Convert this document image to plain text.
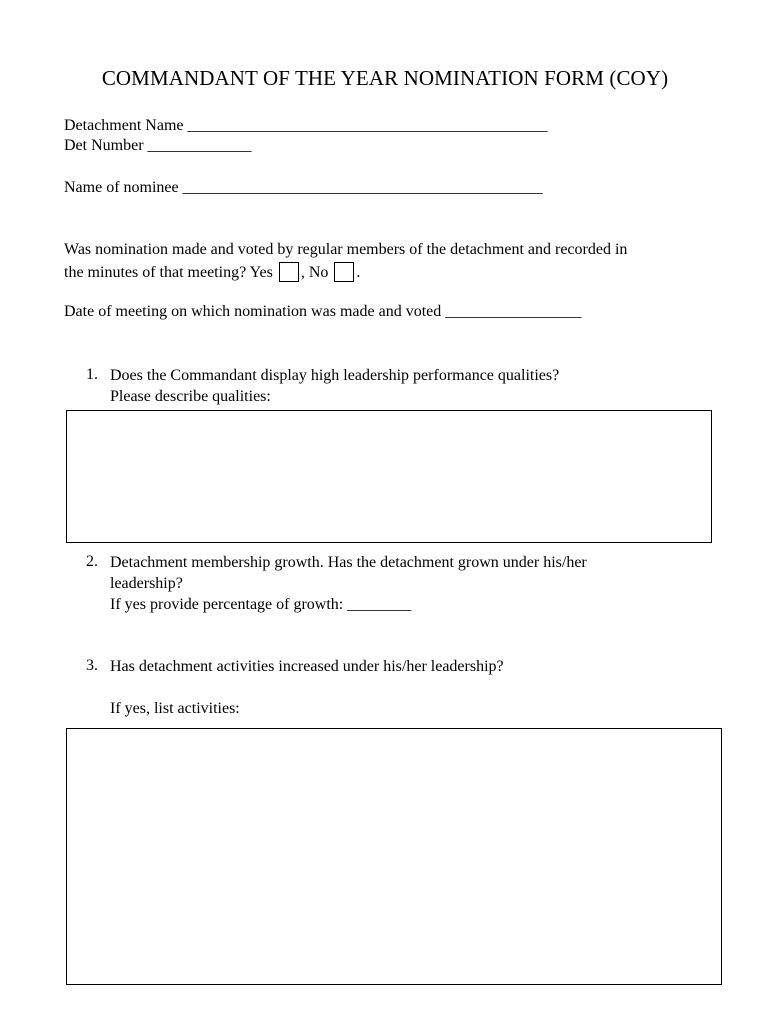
COMMANDANT OF THE YEAR NOMINATION FORM (COY)
Detachment Name _____________________________________________
Det Number _____________
Name of nominee _____________________________________________
Was nomination made and voted by regular members of the detachment and recorded in
the minutes of that meeting? Yes , No .
Date of meeting on which nomination was made and voted _________________
1. Does the Commandant display high leadership performance qualities?
Please describe qualities:
2. Detachment membership growth. Has the detachment grown under his/her
leadership?
If yes provide percentage of growth: ________
3. Has detachment activities increased under his/her leadership?
If yes, list activities:
